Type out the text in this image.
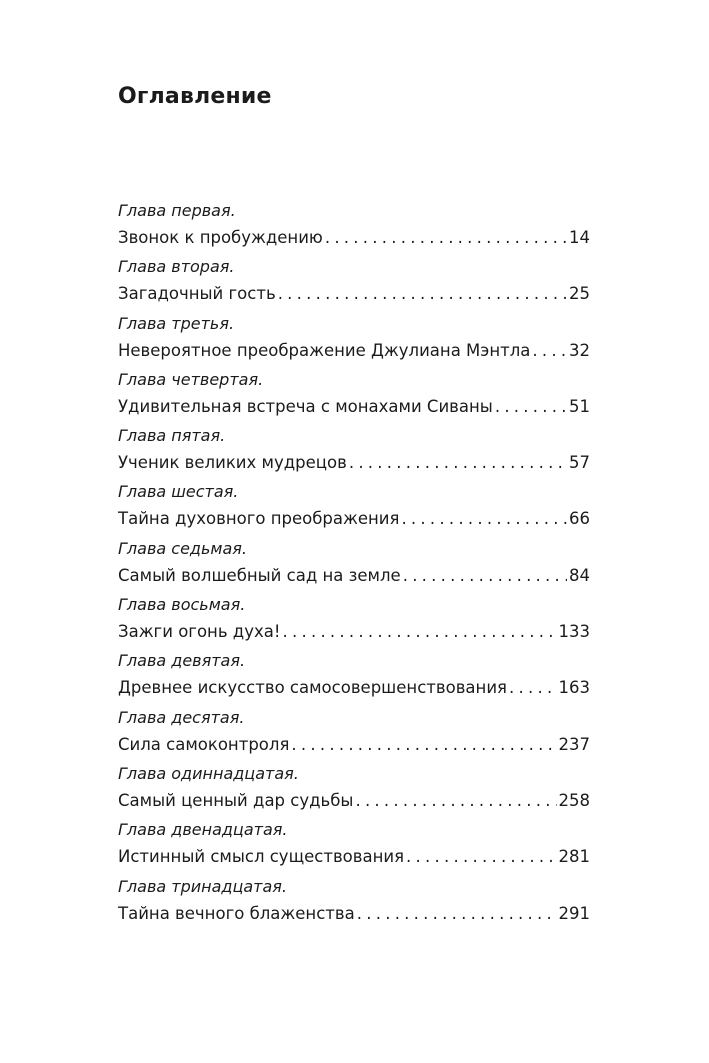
Оглавление
Глава первая.
Звонок к пробуждению . . .	14
Глава вторая.
Загадочный гость . . .	25
Глава третья.
Невероятное преображение Джулиана Мэнтла . . . 32
Глава четвертая.
Удивительная встреча с монахами Сиваны . . .	51
Глава пятая.
Ученик великих мудрецов . . .	57
Глава шестая.
Тайна духовного преображения . . .	66
Глава седьмая.
Самый волшебный сад на земле . . .	84
Глава восьмая.
Зажги огонь духа! . . .	133
Глава девятая.
Древнее искусство самосовершенствования . . .	163
Глава десятая.
Сила самоконтроля . . .	237
Глава одиннадцатая.
Самый ценный дар судьбы . . .	258
Глава двенадцатая.
Истинный смысл существования . . .	281
Глава тринадцатая.
Тайна вечного блаженства . . .	291
